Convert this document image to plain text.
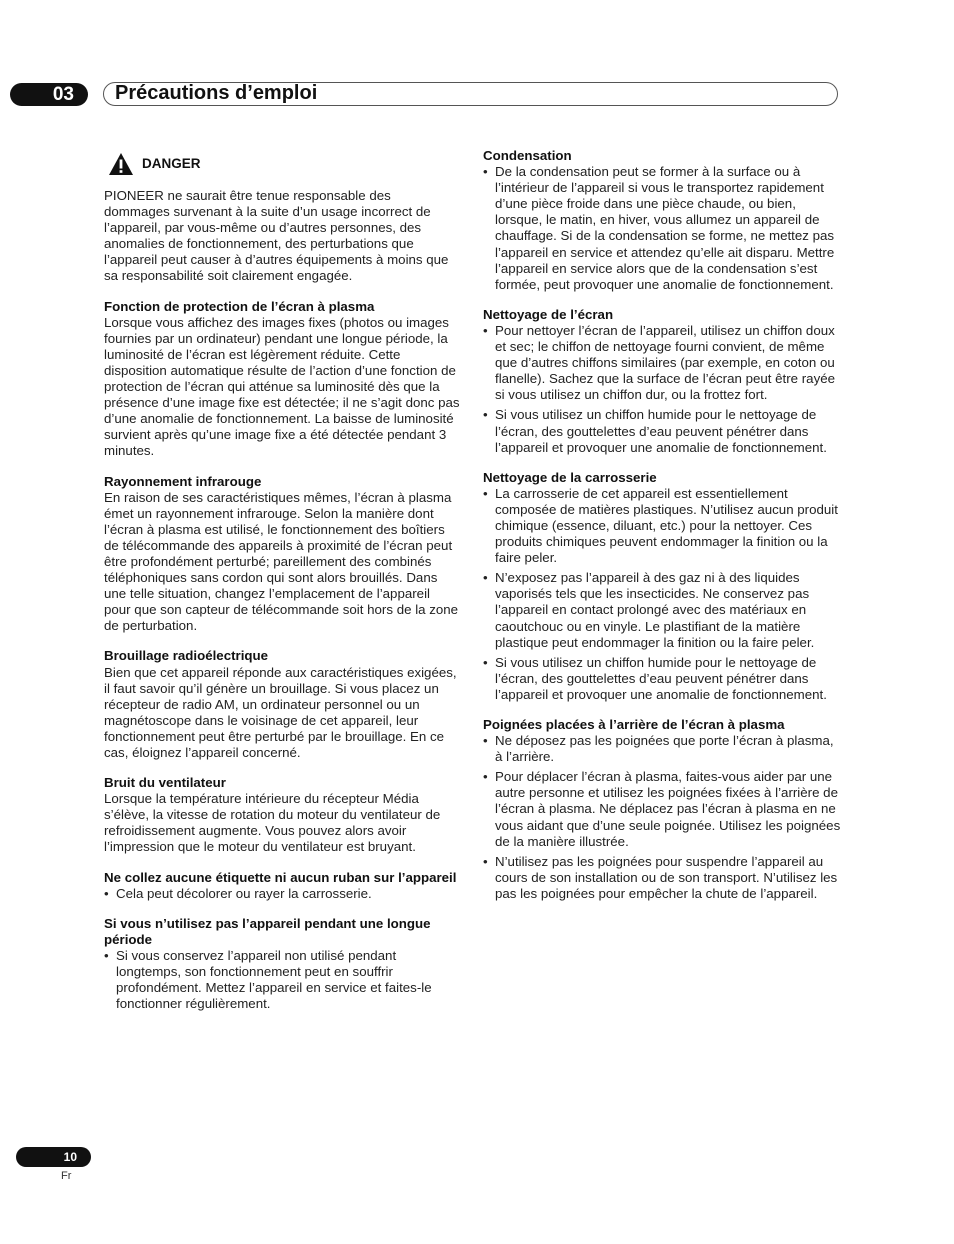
03	Précautions d’emploi
DANGER

PIONEER ne saurait être tenue responsable des dommages survenant à la suite d’un usage incorrect de l’appareil, par vous-même ou d’autres personnes, des anomalies de fonctionnement, des perturbations que l’appareil peut causer à d’autres équipements à moins que sa responsabilité soit clairement engagée.

Fonction de protection de l’écran à plasma

Lorsque vous affichez des images fixes (photos ou images fournies par un ordinateur) pendant une longue période, la luminosité de l’écran est légèrement réduite. Cette disposition automatique résulte de l’action d’une fonction de protection de l’écran qui atténue sa luminosité dès que la présence d’une image fixe est détectée; il ne s’agit donc pas d’une anomalie de fonctionnement. La baisse de luminosité survient après qu’une image fixe a été détectée pendant 3 minutes.

Rayonnement infrarouge

En raison de ses caractéristiques mêmes, l’écran à plasma émet un rayonnement infrarouge. Selon la manière dont l’écran à plasma est utilisé, le fonctionnement des boîtiers de télécommande des appareils à proximité de l’écran peut être profondément perturbé; pareillement des combinés téléphoniques sans cordon qui sont alors brouillés. Dans une telle situation, changez l’emplacement de l’appareil pour que son capteur de télécommande soit hors de la zone de perturbation.

Brouillage radioélectrique

Bien que cet appareil réponde aux caractéristiques exigées, il faut savoir qu’il génère un brouillage. Si vous placez un récepteur de radio AM, un ordinateur personnel ou un magnétoscope dans le voisinage de cet appareil, leur fonctionnement peut être perturbé par le brouillage. En ce cas, éloignez l’appareil concerné.

Bruit du ventilateur

Lorsque la température intérieure du récepteur Média s’élève, la vitesse de rotation du moteur du ventilateur de refroidissement augmente. Vous pouvez alors avoir l’impression que le moteur du ventilateur est bruyant.

Ne collez aucune étiquette ni aucun ruban sur l’appareil

• Cela peut décolorer ou rayer la carrosserie.

Si vous n’utilisez pas l’appareil pendant une longue période

• Si vous conservez l’appareil non utilisé pendant longtemps, son fonctionnement peut en souffrir profondément. Mettez l’appareil en service et faites-le fonctionner régulièrement.

Condensation

• De la condensation peut se former à la surface ou à l’intérieur de l’appareil si vous le transportez rapidement d’une pièce froide dans une pièce chaude, ou bien, lorsque, le matin, en hiver, vous allumez un appareil de chauffage. Si de la condensation se forme, ne mettez pas l’appareil en service et attendez qu’elle ait disparu. Mettre l’appareil en service alors que de la condensation s’est formée, peut provoquer une anomalie de fonctionnement.

Nettoyage de l’écran

• Pour nettoyer l’écran de l’appareil, utilisez un chiffon doux et sec; le chiffon de nettoyage fourni convient, de même que d’autres chiffons similaires (par exemple, en coton ou flanelle). Sachez que la surface de l’écran peut être rayée si vous utilisez un chiffon dur, ou la frottez fort.
• Si vous utilisez un chiffon humide pour le nettoyage de l’écran, des gouttelettes d’eau peuvent pénétrer dans l’appareil et provoquer une anomalie de fonctionnement.

Nettoyage de la carrosserie

• La carrosserie de cet appareil est essentiellement composée de matières plastiques. N’utilisez aucun produit chimique (essence, diluant, etc.) pour la nettoyer. Ces produits chimiques peuvent endommager la finition ou la faire peler.
• N’exposez pas l’appareil à des gaz ni à des liquides vaporisés tels que les insecticides. Ne conservez pas l’appareil en contact prolongé avec des matériaux en caoutchouc ou en vinyle. Le plastifiant de la matière plastique peut endommager la finition ou la faire peler.
• Si vous utilisez un chiffon humide pour le nettoyage de l’écran, des gouttelettes d’eau peuvent pénétrer dans l’appareil et provoquer une anomalie de fonctionnement.

Poignées placées à l’arrière de l’écran à plasma

• Ne déposez pas les poignées que porte l’écran à plasma, à l’arrière.
• Pour déplacer l’écran à plasma, faites-vous aider par une autre personne et utilisez les poignées fixées à l’arrière de l’écran à plasma. Ne déplacez pas l’écran à plasma en ne vous aidant que d’une seule poignée. Utilisez les poignées de la manière illustrée.
• N’utilisez pas les poignées pour suspendre l’appareil au cours de son installation ou de son transport. N’utilisez les pas les poignées pour empêcher la chute de l’appareil.
10
Fr
